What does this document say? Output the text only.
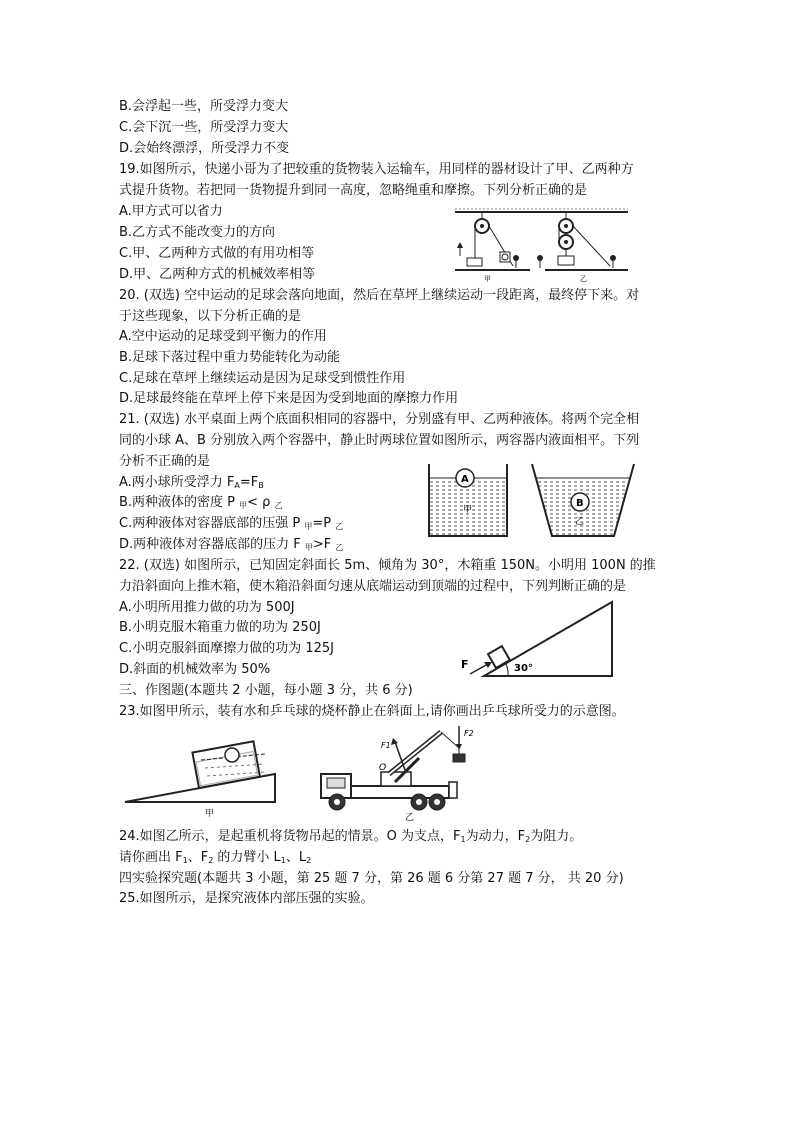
B.会浮起一些，所受浮力变大
C.会下沉一些，所受浮力变大
D.会始终漂浮，所受浮力不变
19.如图所示，快递小哥为了把较重的货物装入运输车，用同样的器材设计了甲、乙两种方
式提升货物。若把同一货物提升到同一高度，忽略绳重和摩擦。下列分析正确的是
A.甲方式可以省力
B.乙方式不能改变力的方向
C.甲、乙两种方式做的有用功相等
D.甲、乙两种方式的机械效率相等	甲	乙
20. (双选) 空中运动的足球会落向地面，然后在草坪上继续运动一段距离，最终停下来。对
于这些现象，以下分析正确的是
A.空中运动的足球受到平衡力的作用
B.足球下落过程中重力势能转化为动能
C.足球在草坪上继续运动是因为足球受到惯性作用
D.足球最终能在草坪上停下来是因为受到地面的摩擦力作用
21. (双选) 水平桌面上两个底面积相同的容器中，分别盛有甲、乙两种液体。将两个完全相
同的小球 A、B 分别放入两个容器中，静止时两球位置如图所示，两容器内液面相平。下列
分析不正确的是
A.两小球所受浮力 $F_A=F_B$
B.两种液体的密度 P $_甲$< ρ $_乙$
C.两种液体对容器底部的压强 P $_甲$=P $_乙$
D.两种液体对容器底部的压力 F $_甲$>F $_乙$
A
甲
B
乙
22. (双选) 如图所示，已知固定斜面长 5m、倾角为 30°，木箱重 150N。小明用 100N 的推
力沿斜面向上推木箱，使木箱沿斜面匀速从底端运动到顶端的过程中，下列判断正确的是
A.小明所用推力做的功为 500J
B.小明克服木箱重力做的功为 250J
C.小明克服斜面摩擦力做的功为 125J
D.斜面的机械效率为 50%	F	30°
三、作图题(本题共 2 小题，每小题 3 分，共 6 分)
23.如图甲所示，装有水和乒乓球的烧杯静止在斜面上,请你画出乒乓球所受力的示意图。
甲
F2
F1
O
乙
24.如图乙所示，是起重机将货物吊起的情景。O 为支点，$F_1$为动力，$F_2$为阻力。
请你画出 $F_1$、$F_2$ 的力臂小 $L_1$、$L_2$
四实验探究题(本题共 3 小题，第 25 题 7 分，第 26 题 6 分第 27 题 7 分， 共 20 分)
25.如图所示，是探究液体内部压强的实验。
